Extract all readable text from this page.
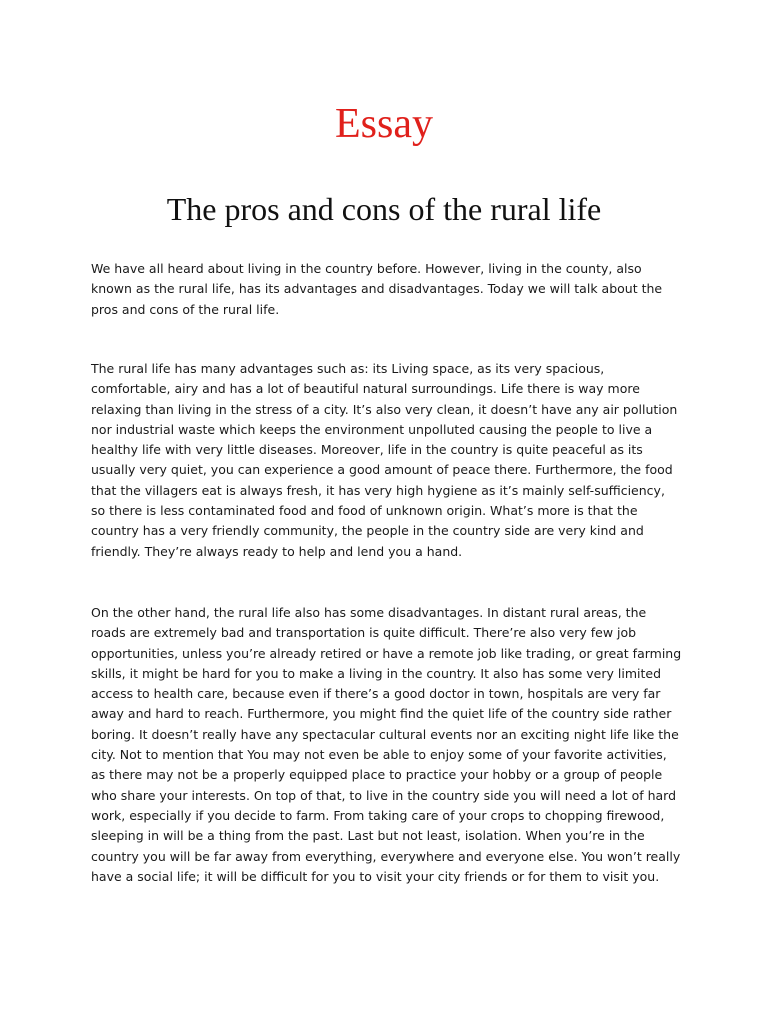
Essay
The pros and cons of the rural life

We have all heard about living in the country before. However, living in the county, also known as the rural life, has its advantages and disadvantages. Today we will talk about the pros and cons of the rural life.

The rural life has many advantages such as: its Living space, as its very spacious, comfortable, airy and has a lot of beautiful natural surroundings. Life there is way more relaxing than living in the stress of a city. It’s also very clean, it doesn’t have any air pollution nor industrial waste which keeps the environment unpolluted causing the people to live a healthy life with very little diseases. Moreover, life in the country is quite peaceful as its usually very quiet, you can experience a good amount of peace there. Furthermore, the food that the villagers eat is always fresh, it has very high hygiene as it’s mainly self-sufficiency, so there is less contaminated food and food of unknown origin. What’s more is that the country has a very friendly community, the people in the country side are very kind and friendly. They’re always ready to help and lend you a hand.

On the other hand, the rural life also has some disadvantages. In distant rural areas, the roads are extremely bad and transportation is quite difficult. There’re also very few job opportunities, unless you’re already retired or have a remote job like trading, or great farming skills, it might be hard for you to make a living in the country. It also has some very limited access to health care, because even if there’s a good doctor in town, hospitals are very far away and hard to reach. Furthermore, you might find the quiet life of the country side rather boring. It doesn’t really have any spectacular cultural events nor an exciting night life like the city. Not to mention that You may not even be able to enjoy some of your favorite activities, as there may not be a properly equipped place to practice your hobby or a group of people who share your interests. On top of that, to live in the country side you will need a lot of hard work, especially if you decide to farm. From taking care of your crops to chopping firewood, sleeping in will be a thing from the past. Last but not least, isolation. When you’re in the country you will be far away from everything, everywhere and everyone else. You won’t really have a social life; it will be difficult for you to visit your city friends or for them to visit you.
